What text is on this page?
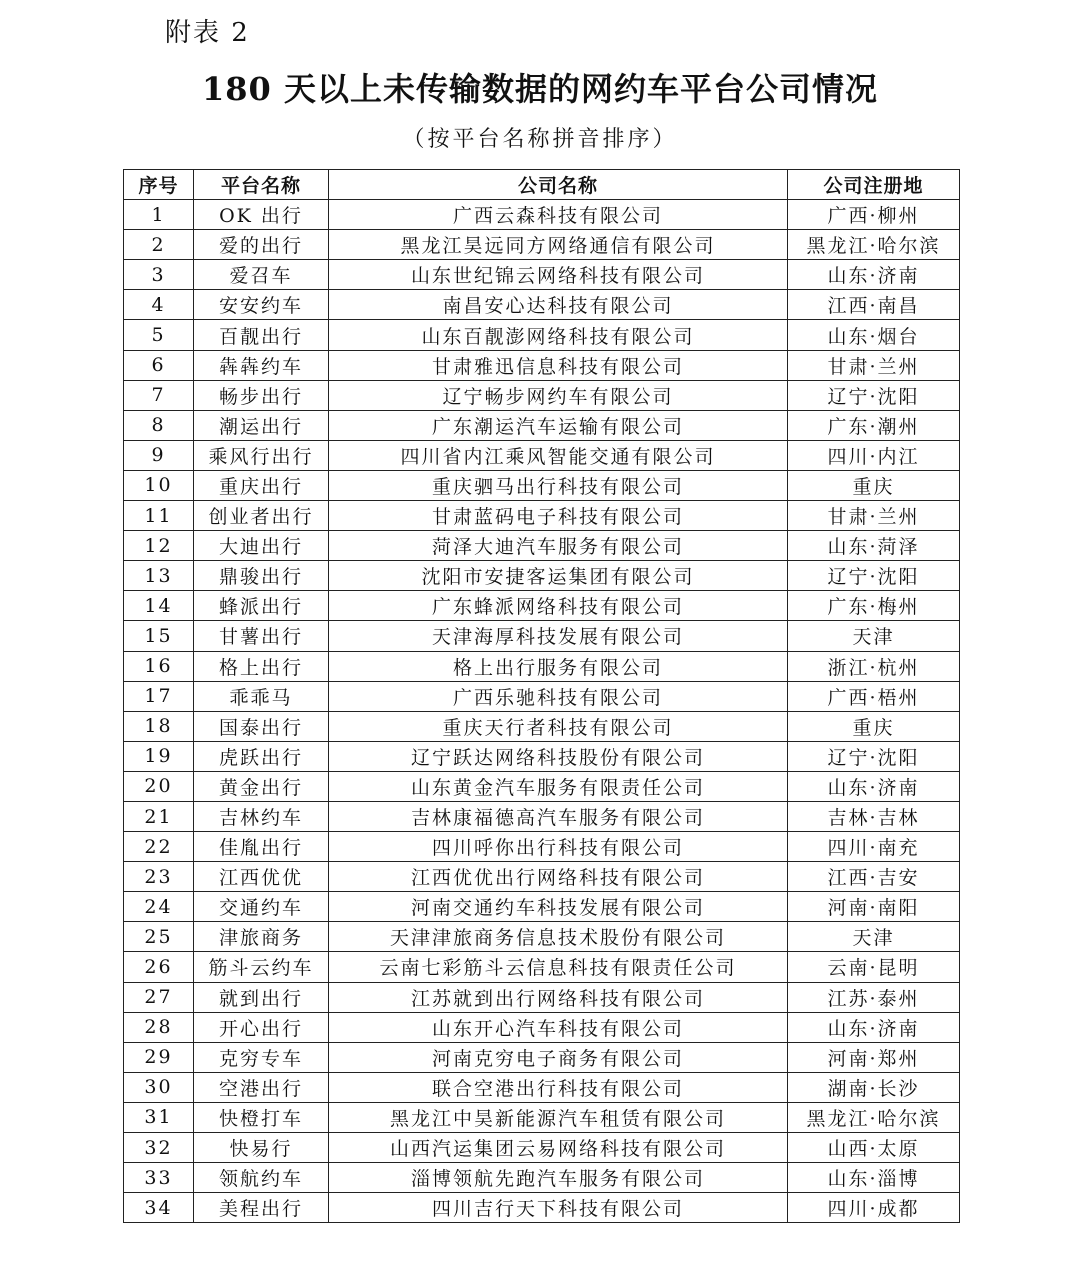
附表 2
180 天以上未传输数据的网约车平台公司情况
（按平台名称拼音排序）
序号	平台名称	公司名称	公司注册地
1	OK 出行	广西云森科技有限公司	广西·柳州
2	爱的出行	黑龙江昊远同方网络通信有限公司	黑龙江·哈尔滨
3	爱召车	山东世纪锦云网络科技有限公司	山东·济南
4	安安约车	南昌安心达科技有限公司	江西·南昌
5	百靓出行	山东百靓澎网络科技有限公司	山东·烟台
6	犇犇约车	甘肃雅迅信息科技有限公司	甘肃·兰州
7	畅步出行	辽宁畅步网约车有限公司	辽宁·沈阳
8	潮运出行	广东潮运汽车运输有限公司	广东·潮州
9	乘风行出行	四川省内江乘风智能交通有限公司	四川·内江
10	重庆出行	重庆驷马出行科技有限公司	重庆
11	创业者出行	甘肃蓝码电子科技有限公司	甘肃·兰州
12	大迪出行	菏泽大迪汽车服务有限公司	山东·菏泽
13	鼎骏出行	沈阳市安捷客运集团有限公司	辽宁·沈阳
14	蜂派出行	广东蜂派网络科技有限公司	广东·梅州
15	甘薯出行	天津海厚科技发展有限公司	天津
16	格上出行	格上出行服务有限公司	浙江·杭州
17	乖乖马	广西乐驰科技有限公司	广西·梧州
18	国泰出行	重庆天行者科技有限公司	重庆
19	虎跃出行	辽宁跃达网络科技股份有限公司	辽宁·沈阳
20	黄金出行	山东黄金汽车服务有限责任公司	山东·济南
21	吉林约车	吉林康福德高汽车服务有限公司	吉林·吉林
22	佳胤出行	四川呼你出行科技有限公司	四川·南充
23	江西优优	江西优优出行网络科技有限公司	江西·吉安
24	交通约车	河南交通约车科技发展有限公司	河南·南阳
25	津旅商务	天津津旅商务信息技术股份有限公司	天津
26	筋斗云约车	云南七彩筋斗云信息科技有限责任公司	云南·昆明
27	就到出行	江苏就到出行网络科技有限公司	江苏·泰州
28	开心出行	山东开心汽车科技有限公司	山东·济南
29	克穷专车	河南克穷电子商务有限公司	河南·郑州
30	空港出行	联合空港出行科技有限公司	湖南·长沙
31	快橙打车	黑龙江中昊新能源汽车租赁有限公司	黑龙江·哈尔滨
32	快易行	山西汽运集团云易网络科技有限公司	山西·太原
33	领航约车	淄博领航先跑汽车服务有限公司	山东·淄博
34	美程出行	四川吉行天下科技有限公司	四川·成都
